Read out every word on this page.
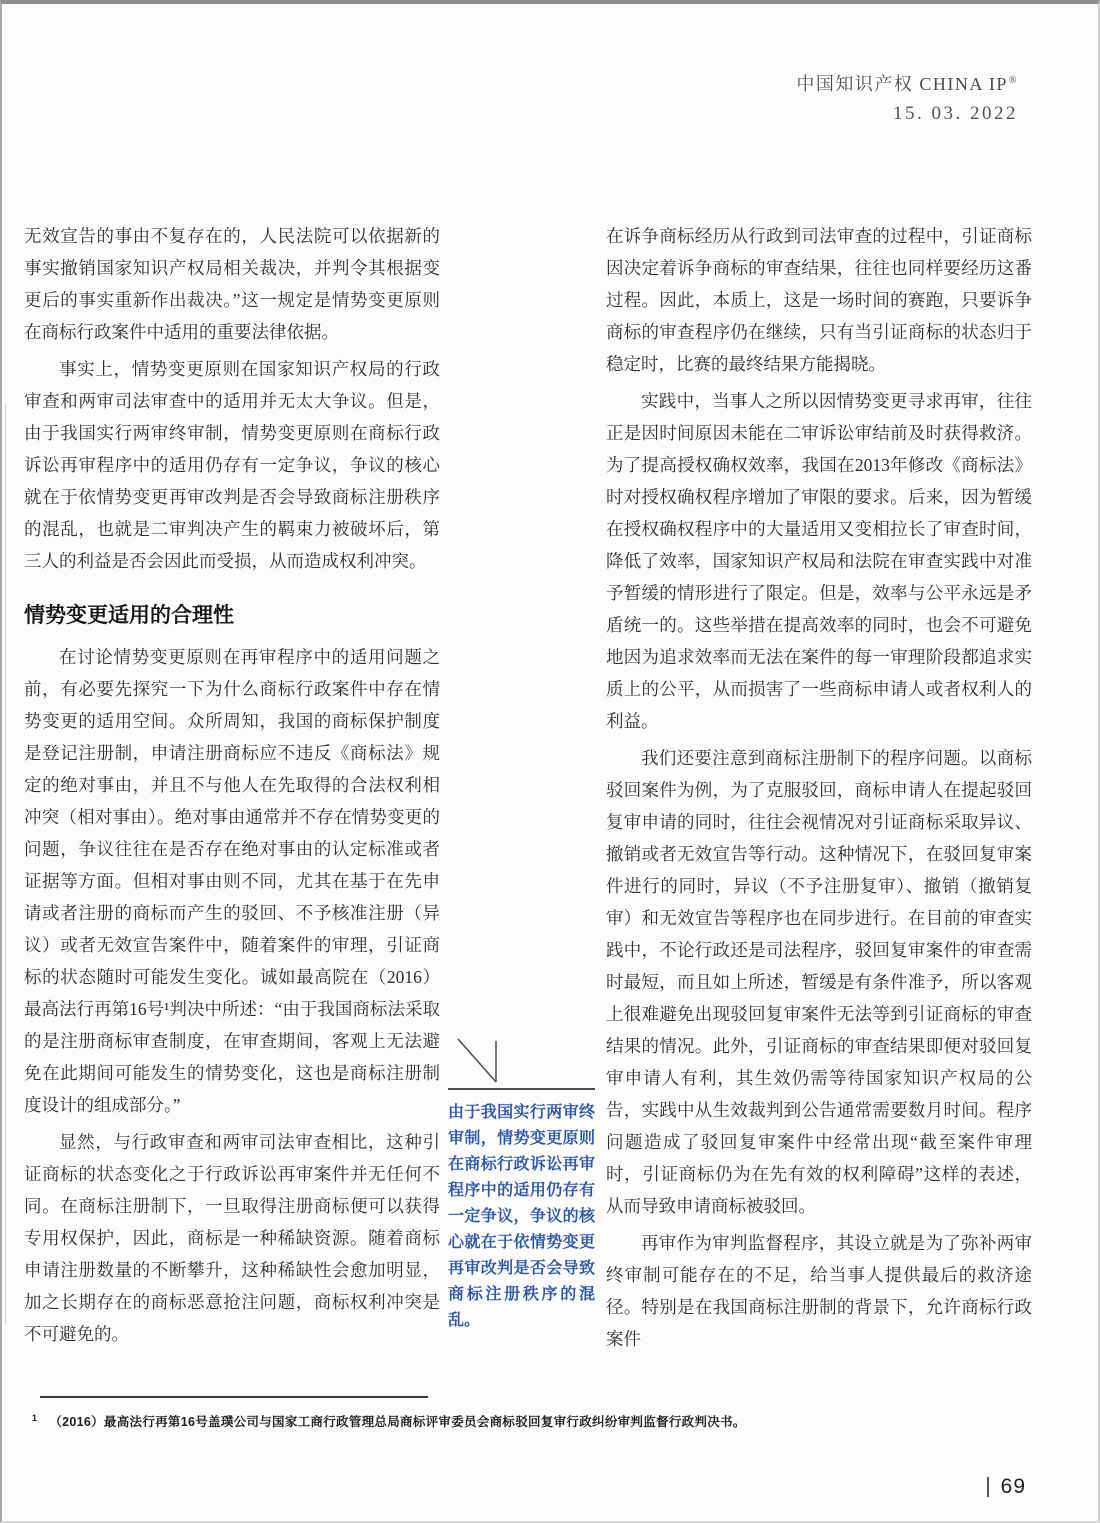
中国知识产权 CHINA IP®
15. 03. 2022

无效宣告的事由不复存在的，人民法院可以依据新的事实撤销国家知识产权局相关裁决，并判令其根据变更后的事实重新作出裁决。”这一规定是情势变更原则在商标行政案件中适用的重要法律依据。

事实上，情势变更原则在国家知识产权局的行政审查和两审司法审查中的适用并无太大争议。但是，由于我国实行两审终审制，情势变更原则在商标行政诉讼再审程序中的适用仍存有一定争议，争议的核心就在于依情势变更再审改判是否会导致商标注册秩序的混乱，也就是二审判决产生的羁束力被破坏后，第三人的利益是否会因此而受损，从而造成权利冲突。

情势变更适用的合理性

在讨论情势变更原则在再审程序中的适用问题之前，有必要先探究一下为什么商标行政案件中存在情势变更的适用空间。众所周知，我国的商标保护制度是登记注册制，申请注册商标应不违反《商标法》规定的绝对事由，并且不与他人在先取得的合法权利相冲突（相对事由）。绝对事由通常并不存在情势变更的问题，争议往往在是否存在绝对事由的认定标准或者证据等方面。但相对事由则不同，尤其在基于在先申请或者注册的商标而产生的驳回、不予核准注册（异议）或者无效宣告案件中，随着案件的审理，引证商标的状态随时可能发生变化。诚如最高院在（2016）最高法行再第16号¹判决中所述：“由于我国商标法采取的是注册商标审查制度，在审查期间，客观上无法避免在此期间可能发生的情势变化，这也是商标注册制度设计的组成部分。”

显然，与行政审查和两审司法审查相比，这种引证商标的状态变化之于行政诉讼再审案件并无任何不同。在商标注册制下，一旦取得注册商标便可以获得专用权保护，因此，商标是一种稀缺资源。随着商标申请注册数量的不断攀升，这种稀缺性会愈加明显，加之长期存在的商标恶意抢注问题，商标权利冲突是不可避免的。

由于我国实行两审终审制，情势变更原则在商标行政诉讼再审程序中的适用仍存有一定争议，争议的核心就在于依情势变更再审改判是否会导致商标注册秩序的混乱。

在诉争商标经历从行政到司法审查的过程中，引证商标因决定着诉争商标的审查结果，往往也同样要经历这番过程。因此，本质上，这是一场时间的赛跑，只要诉争商标的审查程序仍在继续，只有当引证商标的状态归于稳定时，比赛的最终结果方能揭晓。

实践中，当事人之所以因情势变更寻求再审，往往正是因时间原因未能在二审诉讼审结前及时获得救济。为了提高授权确权效率，我国在2013年修改《商标法》时对授权确权程序增加了审限的要求。后来，因为暂缓在授权确权程序中的大量适用又变相拉长了审查时间，降低了效率，国家知识产权局和法院在审查实践中对准予暂缓的情形进行了限定。但是，效率与公平永远是矛盾统一的。这些举措在提高效率的同时，也会不可避免地因为追求效率而无法在案件的每一审理阶段都追求实质上的公平，从而损害了一些商标申请人或者权利人的利益。

我们还要注意到商标注册制下的程序问题。以商标驳回案件为例，为了克服驳回，商标申请人在提起驳回复审申请的同时，往往会视情况对引证商标采取异议、撤销或者无效宣告等行动。这种情况下，在驳回复审案件进行的同时，异议（不予注册复审）、撤销（撤销复审）和无效宣告等程序也在同步进行。在目前的审查实践中，不论行政还是司法程序，驳回复审案件的审查需时最短，而且如上所述，暂缓是有条件准予，所以客观上很难避免出现驳回复审案件无法等到引证商标的审查结果的情况。此外，引证商标的审查结果即便对驳回复审申请人有利，其生效仍需等待国家知识产权局的公告，实践中从生效裁判到公告通常需要数月时间。程序问题造成了驳回复审案件中经常出现“截至案件审理时，引证商标仍为在先有效的权利障碍”这样的表述，从而导致申请商标被驳回。

再审作为审判监督程序，其设立就是为了弥补两审终审制可能存在的不足，给当事人提供最后的救济途径。特别是在我国商标注册制的背景下，允许商标行政案件

$^1$ （2016）最高法行再第16号盖璞公司与国家工商行政管理总局商标评审委员会商标驳回复审行政纠纷审判监督行政判决书。
69
